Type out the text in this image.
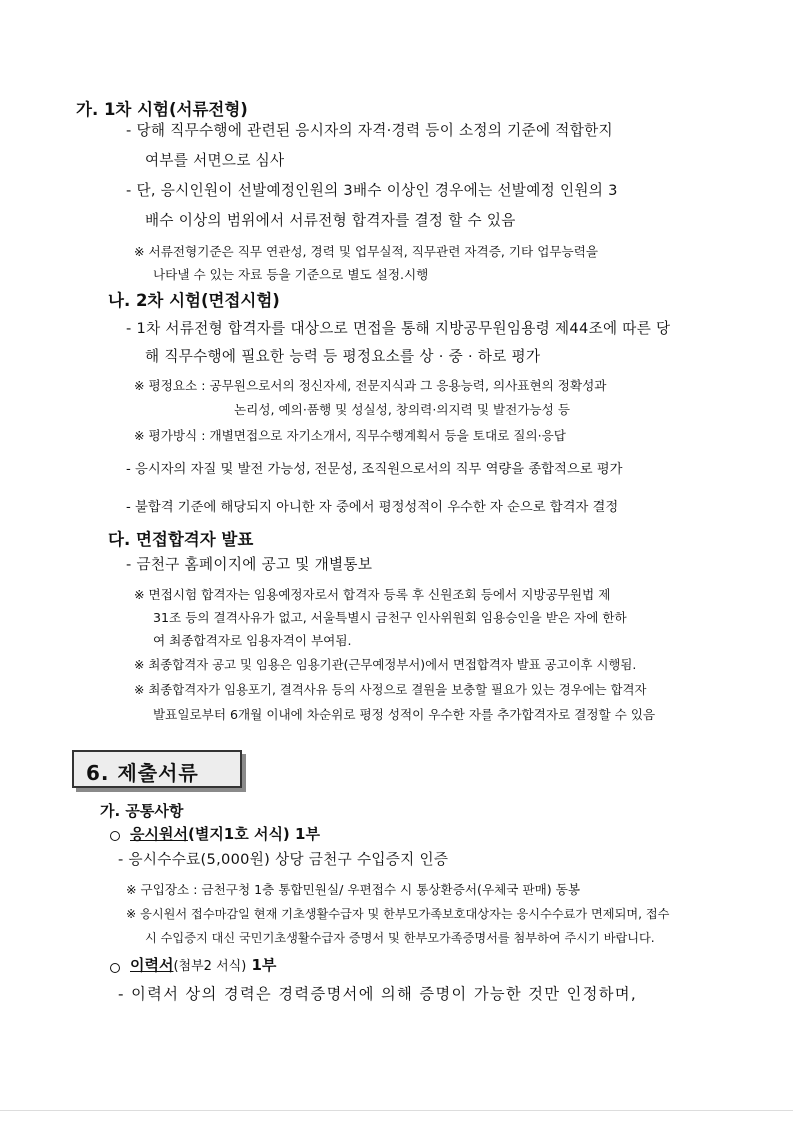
가. 1차 시험(서류전형)
- 당해 직무수행에 관련된 응시자의 자격·경력 등이 소정의 기준에 적합한지
여부를 서면으로 심사
- 단, 응시인원이 선발예정인원의 3배수 이상인 경우에는 선발예정 인원의 3
배수 이상의 범위에서 서류전형 합격자를 결정 할 수 있음
※ 서류전형기준은 직무 연관성, 경력 및 업무실적, 직무관련 자격증, 기타 업무능력을
나타낼 수 있는 자료 등을 기준으로 별도 설정.시행
나. 2차 시험(면접시험)
- 1차 서류전형 합격자를 대상으로 면접을 통해 지방공무원임용령 제44조에 따른 당
해 직무수행에 필요한 능력 등 평정요소를 상 · 중 · 하로 평가
※ 평정요소 : 공무원으로서의 정신자세, 전문지식과 그 응용능력, 의사표현의 정확성과
논리성, 예의·품행 및 성실성, 창의력·의지력 및 발전가능성 등
※ 평가방식 : 개별면접으로 자기소개서, 직무수행계획서 등을 토대로 질의·응답
- 응시자의 자질 및 발전 가능성, 전문성, 조직원으로서의 직무 역량을 종합적으로 평가
- 불합격 기준에 해당되지 아니한 자 중에서 평정성적이 우수한 자 순으로 합격자 결정
다. 면접합격자 발표
- 금천구 홈페이지에 공고 및 개별통보
※ 면접시험 합격자는 임용예정자로서 합격자 등록 후 신원조회 등에서 지방공무원법 제
31조 등의 결격사유가 없고, 서울특별시 금천구 인사위원회 임용승인을 받은 자에 한하
여 최종합격자로 임용자격이 부여됨.
※ 최종합격자 공고 및 임용은 임용기관(근무예정부서)에서 면접합격자 발표 공고이후 시행됨.
※ 최종합격자가 임용포기, 결격사유 등의 사정으로 결원을 보충할 필요가 있는 경우에는 합격자
발표일로부터 6개월 이내에 차순위로 평정 성적이 우수한 자를 추가합격자로 결정할 수 있음
6. 제출서류
가. 공통사항
응시원서(별지1호 서식) 1부
- 응시수수료(5,000원) 상당 금천구 수입증지 인증
※ 구입장소 : 금천구청 1층 통합민원실/ 우편접수 시 통상환증서(우체국 판매) 동봉
※ 응시원서 접수마감일 현재 기초생활수급자 및 한부모가족보호대상자는 응시수수료가 면제되며, 접수
시 수입증지 대신 국민기초생활수급자 증명서 및 한부모가족증명서를 첨부하여 주시기 바랍니다.
이력서(첨부2 서식) 1부
- 이력서 상의 경력은 경력증명서에 의해 증명이 가능한 것만 인정하며,
